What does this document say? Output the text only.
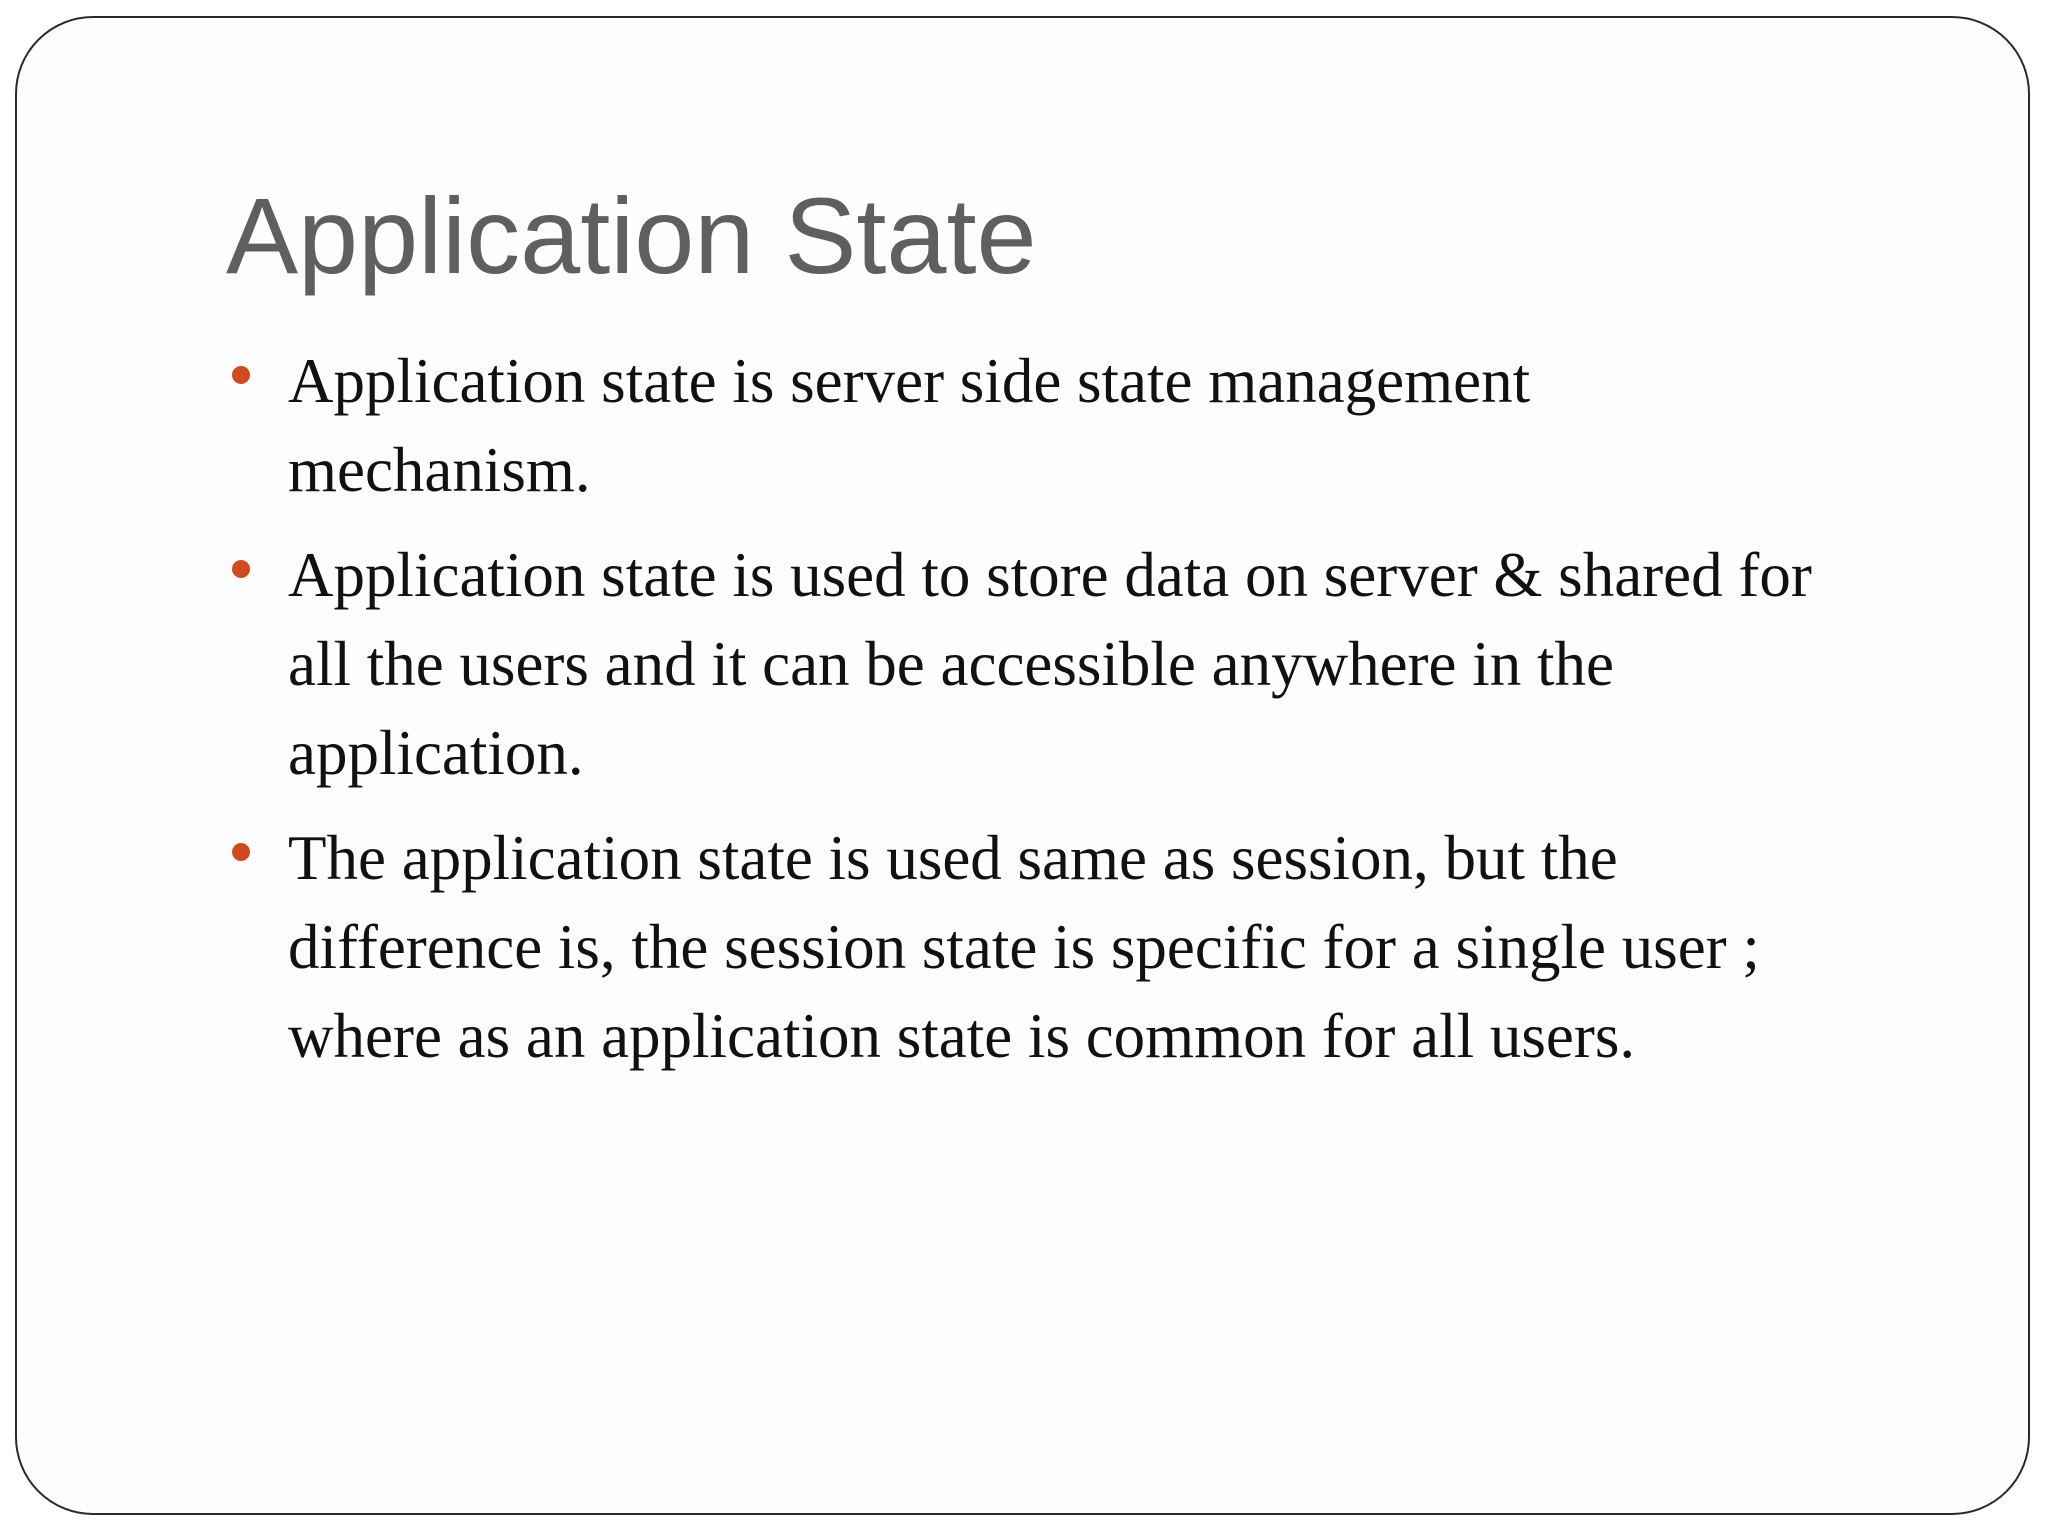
Application State
Application state is server side state management
mechanism.
Application state is used to store data on server & shared for
all the users and it can be accessible anywhere in the
application.
The application state is used same as session, but the
difference is, the session state is specific for a single user ;
where as an application state is common for all users.
